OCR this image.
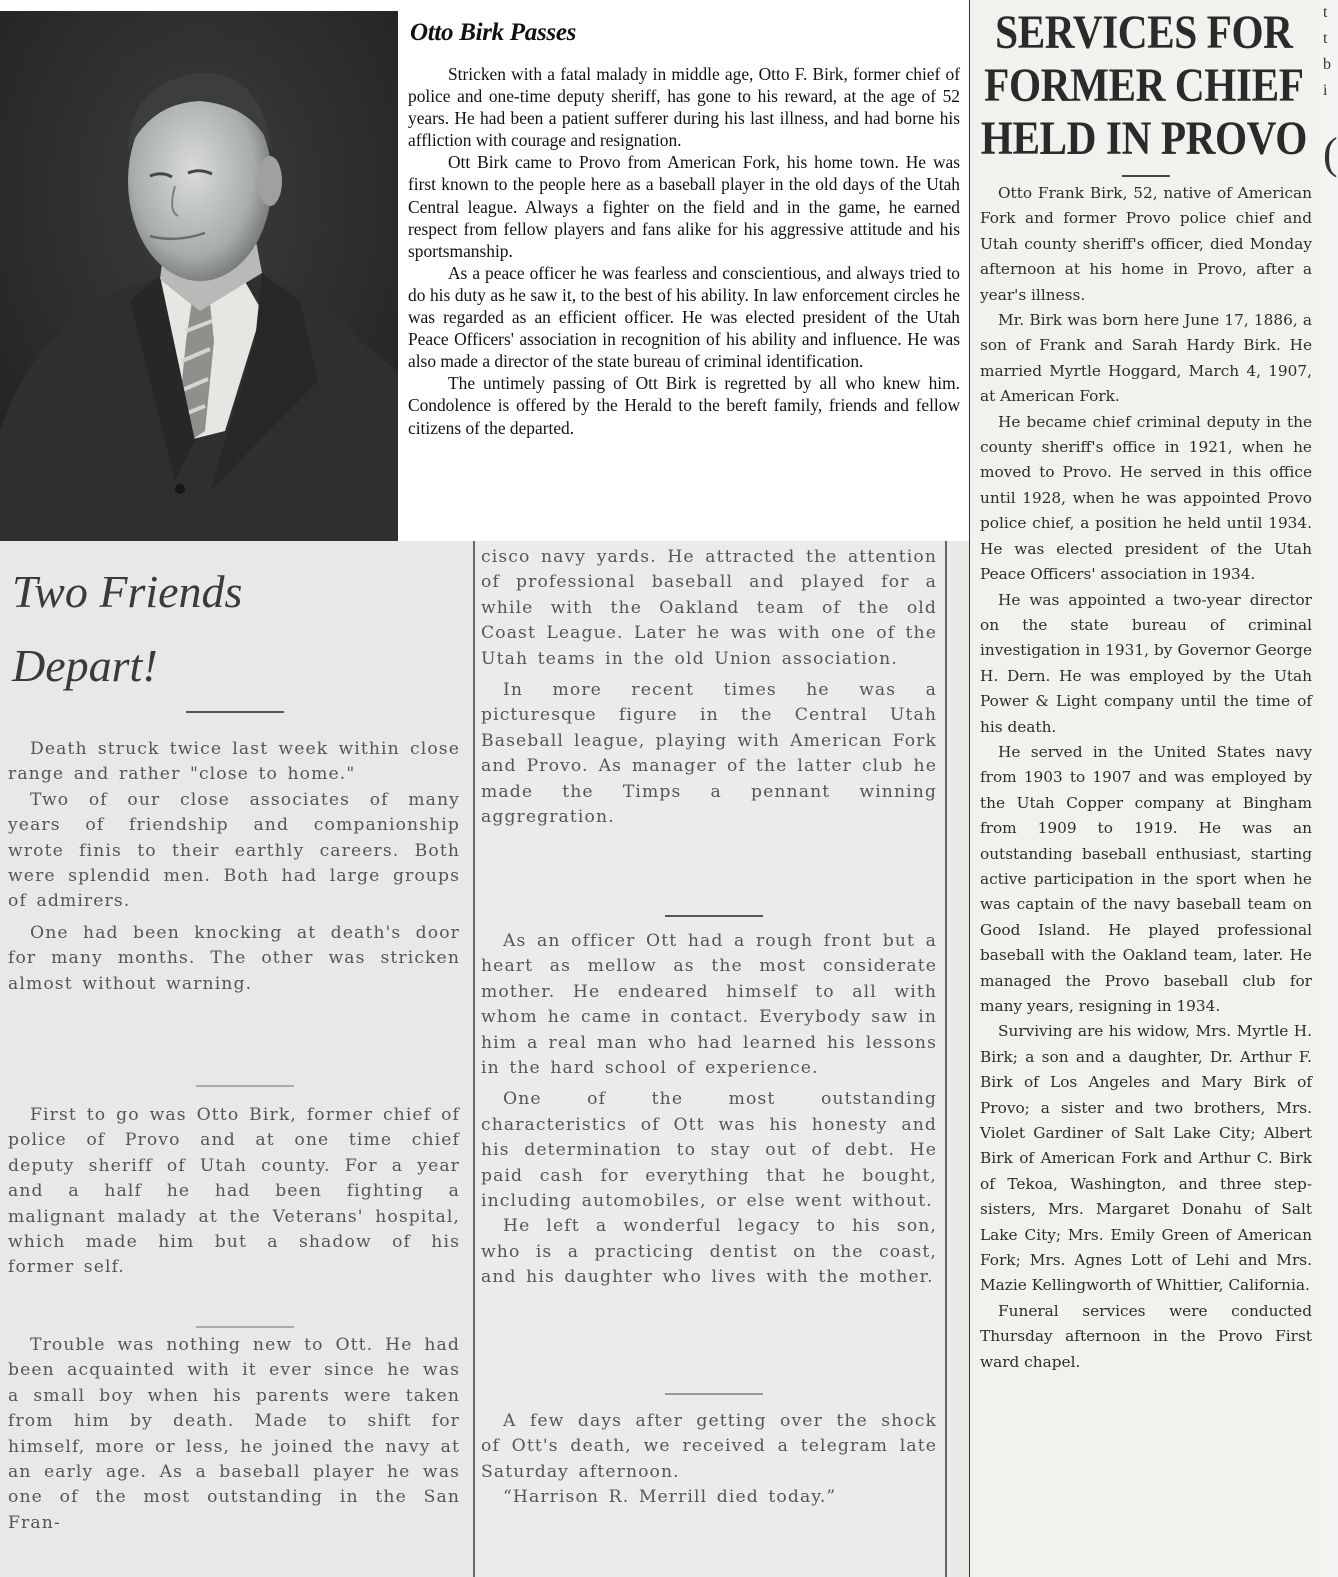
Otto Birk Passes

Stricken with a fatal malady in middle age, Otto F. Birk, former chief of police and one-time deputy sheriff, has gone to his reward, at the age of 52 years. He had been a patient sufferer during his last illness, and had borne his affliction with courage and resignation.

Ott Birk came to Provo from American Fork, his home town. He was first known to the people here as a baseball player in the old days of the Utah Central league. Always a fighter on the field and in the game, he earned respect from fellow players and fans alike for his aggressive attitude and his sportsmanship.

As a peace officer he was fearless and conscientious, and always tried to do his duty as he saw it, to the best of his ability. In law enforcement circles he was regarded as an efficient officer. He was elected president of the Utah Peace Officers' association in recognition of his ability and influence. He was also made a director of the state bureau of criminal identification.

The untimely passing of Ott Birk is regretted by all who knew him. Condolence is offered by the Herald to the bereft family, friends and fellow citizens of the departed.

SERVICES FOR
FORMER CHIEF
HELD IN PROVO

Otto Frank Birk, 52, native of American Fork and former Provo police chief and Utah county sheriff's officer, died Monday afternoon at his home in Provo, after a year's illness.

Mr. Birk was born here June 17, 1886, a son of Frank and Sarah Hardy Birk. He married Myrtle Hoggard, March 4, 1907, at American Fork.

He became chief criminal deputy in the county sheriff's office in 1921, when he moved to Provo. He served in this office until 1928, when he was appointed Provo police chief, a position he held until 1934. He was elected president of the Utah Peace Officers' association in 1934.

He was appointed a two-year director on the state bureau of criminal investigation in 1931, by Governor George H. Dern. He was employed by the Utah Power & Light company until the time of his death.

He served in the United States navy from 1903 to 1907 and was employed by the Utah Copper company at Bingham from 1909 to 1919. He was an outstanding baseball enthusiast, starting active participation in the sport when he was captain of the navy baseball team on Good Island. He played professional baseball with the Oakland team, later. He managed the Provo baseball club for many years, resigning in 1934.

Surviving are his widow, Mrs. Myrtle H. Birk; a son and a daughter, Dr. Arthur F. Birk of Los Angeles and Mary Birk of Provo; a sister and two brothers, Mrs. Violet Gardiner of Salt Lake City; Albert Birk of American Fork and Arthur C. Birk of Tekoa, Washington, and three step-sisters, Mrs. Margaret Donahu of Salt Lake City; Mrs. Emily Green of American Fork; Mrs. Agnes Lott of Lehi and Mrs. Mazie Kellingworth of Whittier, California.

Funeral services were conducted Thursday afternoon in the Provo First ward chapel.

t
t
b
i
(
Two Friends
Depart!

Death struck twice last week within close range and rather "close to home."

Two of our close associates of many years of friendship and companionship wrote finis to their earthly careers. Both were splendid men. Both had large groups of admirers.

One had been knocking at death's door for many months. The other was stricken almost without warning.

First to go was Otto Birk, former chief of police of Provo and at one time chief deputy sheriff of Utah county. For a year and a half he had been fighting a malignant malady at the Veterans' hospital, which made him but a shadow of his former self.

Trouble was nothing new to Ott. He had been acquainted with it ever since he was a small boy when his parents were taken from him by death. Made to shift for himself, more or less, he joined the navy at an early age. As a baseball player he was one of the most outstanding in the San Fran-

cisco navy yards. He attracted the attention of professional baseball and played for a while with the Oakland team of the old Coast League. Later he was with one of the Utah teams in the old Union association.

In more recent times he was a picturesque figure in the Central Utah Baseball league, playing with American Fork and Provo. As manager of the latter club he made the Timps a pennant winning aggregration.

As an officer Ott had a rough front but a heart as mellow as the most considerate mother. He endeared himself to all with whom he came in contact. Everybody saw in him a real man who had learned his lessons in the hard school of experience.

One of the most outstanding characteristics of Ott was his honesty and his determination to stay out of debt. He paid cash for everything that he bought, including automobiles, or else went without.

He left a wonderful legacy to his son, who is a practicing dentist on the coast, and his daughter who lives with the mother.

A few days after getting over the shock of Ott's death, we received a telegram late Saturday afternoon.

“Harrison R. Merrill died today.”
